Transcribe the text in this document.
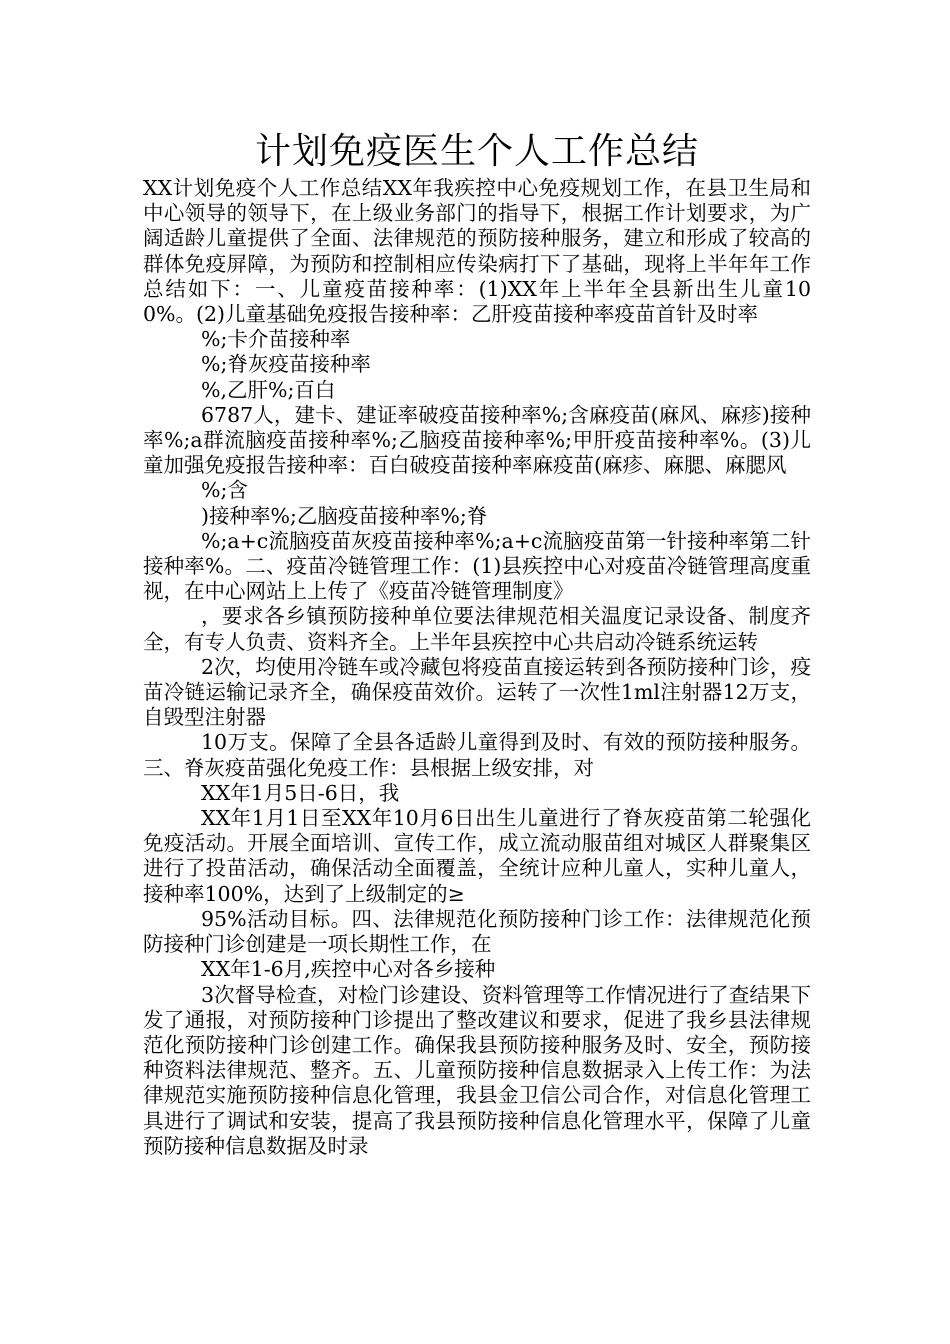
计划免疫医生个人工作总结

XX计划免疫个人工作总结XX年我疾控中心免疫规划工作，在县卫生局和中心领导的领导下，在上级业务部门的指导下，根据工作计划要求，为广阔适龄儿童提供了全面、法律规范的预防接种服务，建立和形成了较高的群体免疫屏障，为预防和控制相应传染病打下了基础，现将上半年年工作总结如下：一、儿童疫苗接种率：(1)XX年上半年全县新出生儿童100%。(2)儿童基础免疫报告接种率：乙肝疫苗接种率疫苗首针及时率

%;卡介苗接种率

%;脊灰疫苗接种率

%,乙肝%;百白

6787人，建卡、建证率破疫苗接种率%;含麻疫苗(麻风、麻疹)接种率%;a群流脑疫苗接种率%;乙脑疫苗接种率%;甲肝疫苗接种率%。(3)儿童加强免疫报告接种率：百白破疫苗接种率麻疫苗(麻疹、麻腮、麻腮风

%;含

)接种率%;乙脑疫苗接种率%;脊

%;a+c流脑疫苗灰疫苗接种率%;a+c流脑疫苗第一针接种率第二针接种率%。二、疫苗冷链管理工作：(1)县疾控中心对疫苗冷链管理高度重视，在中心网站上上传了《疫苗冷链管理制度》

，要求各乡镇预防接种单位要法律规范相关温度记录设备、制度齐全，有专人负责、资料齐全。上半年县疾控中心共启动冷链系统运转

2次，均使用冷链车或冷藏包将疫苗直接运转到各预防接种门诊，疫苗冷链运输记录齐全，确保疫苗效价。运转了一次性1ml注射器12万支，自毁型注射器

10万支。保障了全县各适龄儿童得到及时、有效的预防接种服务。三、脊灰疫苗强化免疫工作：县根据上级安排，对

XX年1月5日-6日，我

XX年1月1日至XX年10月6日出生儿童进行了脊灰疫苗第二轮强化免疫活动。开展全面培训、宣传工作，成立流动服苗组对城区人群聚集区进行了投苗活动，确保活动全面覆盖，全统计应种儿童人，实种儿童人，接种率100%，达到了上级制定的≥

95%活动目标。四、法律规范化预防接种门诊工作：法律规范化预防接种门诊创建是一项长期性工作，在

XX年1-6月,疾控中心对各乡接种

3次督导检查，对检门诊建设、资料管理等工作情况进行了查结果下发了通报，对预防接种门诊提出了整改建议和要求，促进了我乡县法律规范化预防接种门诊创建工作。确保我县预防接种服务及时、安全，预防接种资料法律规范、整齐。五、儿童预防接种信息数据录入上传工作：为法律规范实施预防接种信息化管理，我县金卫信公司合作，对信息化管理工具进行了调试和安装，提高了我县预防接种信息化管理水平，保障了儿童预防接种信息数据及时录
